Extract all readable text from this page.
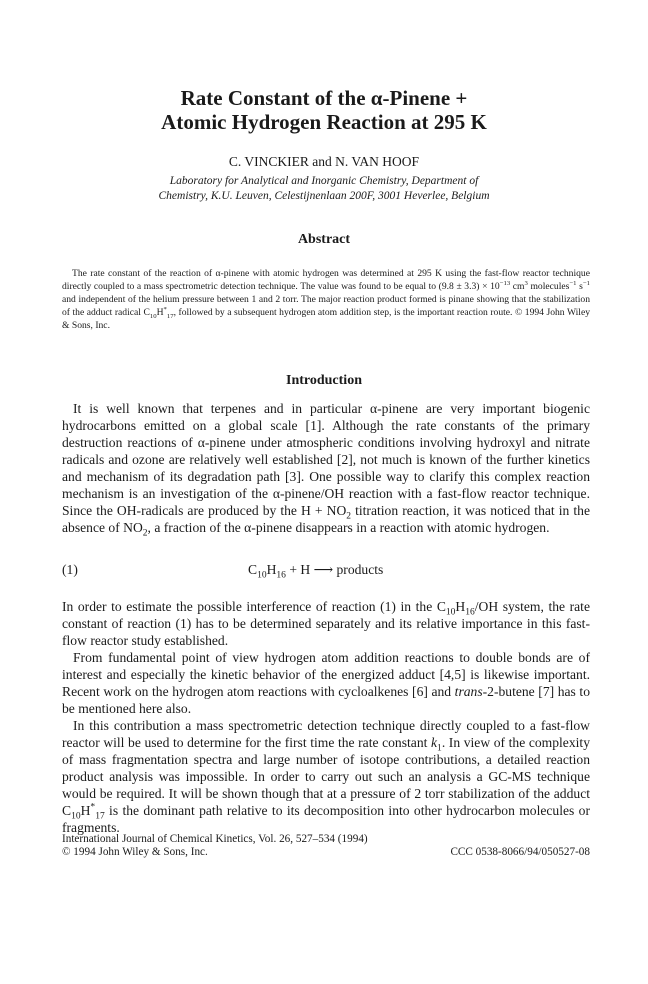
Rate Constant of the α-Pinene +
Atomic Hydrogen Reaction at 295 K
C. VINCKIER and N. VAN HOOF
Laboratory for Analytical and Inorganic Chemistry, Department of
Chemistry, K.U. Leuven, Celestijnenlaan 200F, 3001 Heverlee, Belgium
Abstract

The rate constant of the reaction of α-pinene with atomic hydrogen was determined at 295 K using the fast-flow reactor technique directly coupled to a mass spectrometric detection technique. The value was found to be equal to $(9.8 \pm 3.3) \times 10^{-13}$ $cm^3$ molecules$^{-1}$ $s^{-1}$ and independent of the helium pressure between 1 and 2 torr. The major reaction product formed is pinane showing that the stabilization of the adduct radical $C_{10}H^*_{17}$, followed by a subsequent hydrogen atom addition step, is the important reaction route. © 1994 John Wiley & Sons, Inc.

Introduction

It is well known that terpenes and in particular α-pinene are very important biogenic hydrocarbons emitted on a global scale [1]. Although the rate constants of the primary destruction reactions of α-pinene under atmospheric conditions involving hydroxyl and nitrate radicals and ozone are relatively well established [2], not much is known of the further kinetics and mechanism of its degradation path [3]. One possible way to clarify this complex reaction mechanism is an investigation of the α-pinene/OH reaction with a fast-flow reactor technique. Since the OH-radicals are produced by the $H + NO_2$ titration reaction, it was noticed that in the absence of $NO_2$, a fraction of the α-pinene disappears in a reaction with atomic hydrogen.

(1)	$C_{10}H_{16} + H$ ⟶ products

In order to estimate the possible interference of reaction (1) in the $C_{10}H_{16}/OH$ system, the rate constant of reaction (1) has to be determined separately and its relative importance in this fast-flow reactor study established.

From fundamental point of view hydrogen atom addition reactions to double bonds are of interest and especially the kinetic behavior of the energized adduct [4,5] is likewise important. Recent work on the hydrogen atom reactions with cycloalkenes [6] and trans-2-butene [7] has to be mentioned here also.

In this contribution a mass spectrometric detection technique directly coupled to a fast-flow reactor will be used to determine for the first time the rate constant $k_1$. In view of the complexity of mass fragmentation spectra and large number of isotope contributions, a detailed reaction product analysis was impossible. In order to carry out such an analysis a GC-MS technique would be required. It will be shown though that at a pressure of 2 torr stabilization of the adduct $C_{10}H^*_{17}$ is the dominant path relative to its decomposition into other hydrocarbon molecules or fragments.

International Journal of Chemical Kinetics, Vol. 26, 527–534 (1994)
© 1994 John Wiley & Sons, Inc.	CCC 0538-8066/94/050527-08
